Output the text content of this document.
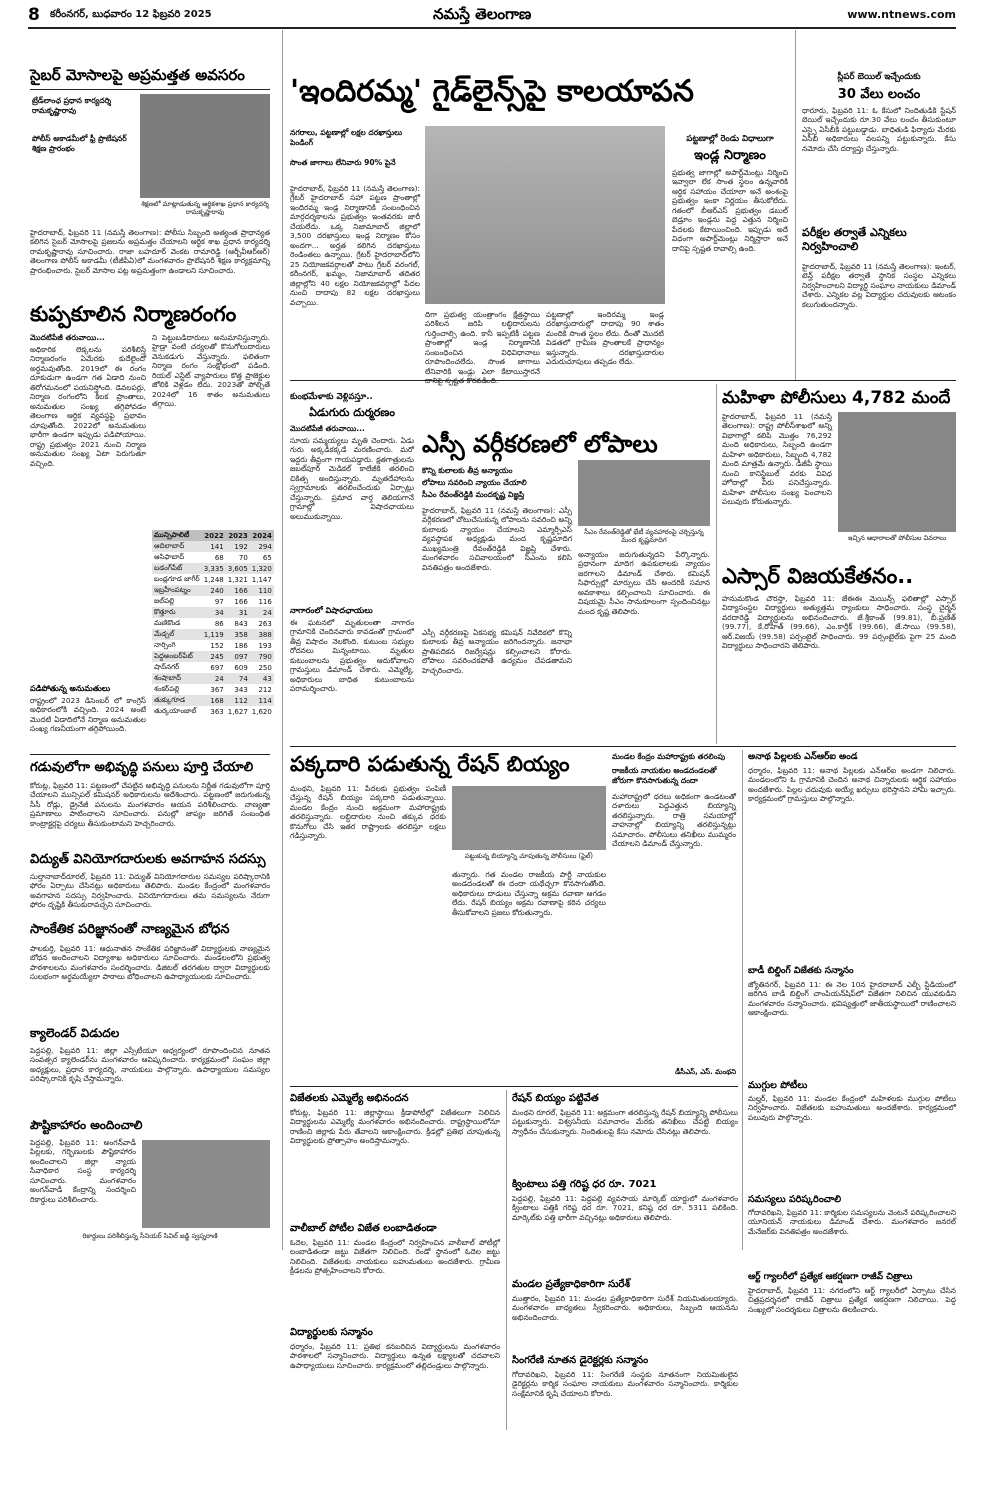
8 కరీంనగర్, బుధవారం 12 ఫిబ్రవరి 2025	నమస్తే తెలంగాణ	www.ntnews.com
సైబర్ మోసాలపై అప్రమత్తత అవసరం
ట్రేడ్‌లాంఛ ప్రధాన కార్యదర్శి రామకృష్ణారావు
పోలీస్ అకాడమీలో ఫ్రీ ప్రొబేషనర్ శిక్షణ ప్రారంభం
శిక్షణలో మాట్లాడుతున్న ఆర్థికశాఖ ప్రధాన కార్యదర్శి రామకృష్ణారావు
హైదరాబాద్, ఫిబ్రవరి 11 (నమస్తే తెలంగాణ): పోలీసు సిబ్బంది అత్యంత ప్రాధాన్యత కలిగిన సైబర్ మోసాలపై ప్రజలను అప్రమత్తం చేయాలని ఆర్థిక శాఖ ప్రధాన కార్యదర్శి రామకృష్ణారావు సూచించారు. రాజా బహదూర్ వెంకట రామారెడ్డి (ఆర్బీవీఆర్ఆర్) తెలంగాణ పోలీస్ అకాడమీ (టీజీపీఏ)లో మంగళవారం ప్రొబేషనరీ శిక్షణ కార్యక్రమాన్ని ప్రారంభించారు. సైబర్ మోసాల పట్ల అప్రమత్తంగా ఉండాలని సూచించారు.
కుప్పకూలిన నిర్మాణరంగం
మొదటిపేజీ తరువాయి...
అధికారిక లెక్కలను పరిశీలిస్తే నిర్మాణరంగం ఏమేరకు కుదేలైందో అర్థమవుతోంది. 2019లో ఈ రంగం దూకుడుగా ఉండగా గత ఏడాది నుంచి తిరోగమనంలో పయనిస్తోంది. డెవలపర్లు, నిర్మాణ రంగంలోని కీలక ప్రాంతాలు, అనుమతుల సంఖ్య తగ్గిపోవడం తెలంగాణ ఆర్థిక వ్యవస్థపై ప్రభావం చూపుతోంది. 2022లో అనుమతులు భారీగా ఉండగా ఇప్పుడు పడిపోయాయి. రాష్ట్ర ప్రభుత్వం 2021 నుంచి నిర్మాణ అనుమతుల సంఖ్య ఏటా పెరుగుతూ వచ్చింది.
ని పెట్టుబడిదారులు అనుమానిస్తున్నారు. హైడ్రా వంటి చర్యలతో కొనుగోలుదారులు వెనుకడుగు వేస్తున్నారు. ఫలితంగా నిర్మాణ రంగం సంక్షోభంలో పడింది. రియల్ ఎస్టేట్ వ్యాపారులు కొత్త ప్రాజెక్టుల జోలికి వెళ్లడం లేదు. 2023తో పోల్చితే 2024లో 16 శాతం అనుమతులు తగ్గాయి.
మున్సిపాలిటీ	2022	2023	2024
ఆదిలాబాద్	141	192	294
ఆసిఫాబాద్	68	70	65
బడంగ్‌పేట్	3,335	3,605	1,320
బండ్లగూడ జాగీర్	1,248	1,321	1,147
ఇబ్రహీంపట్నం	240	166	110
జల్‌పల్లి	97	166	116
కొత్తూరు	34	31	24
మణికొండ	86	843	263
మేడ్చల్	1,119	358	388
నార్సింగి	152	186	193
పెద్దఅంబర్‌పేట్	245	097	790
షాద్‌నగర్	697	609	250
శంషాబాద్	24	74	43
శంకర్‌పల్లి	367	343	212
తుక్కుగూడ	168	112	114
తుర్కయాంజాల్	363	1,627	1,620
పడిపోతున్న అనుమతులు
రాష్ట్రంలో 2023 డిసెంబర్ లో కాంగ్రెస్ అధికారంలోకి వచ్చింది. 2024 అంటే మొదటి ఏడాదిలోనే నిర్మాణ అనుమతుల సంఖ్య గణనీయంగా తగ్గిపోయింది.
గడువులోగా అభివృద్ధి పనులు పూర్తి చేయాలి
కోరుట్ల, ఫిబ్రవరి 11: పట్టణంలో చేపట్టిన అభివృద్ధి పనులను నిర్ణీత గడువులోగా పూర్తి చేయాలని మున్సిపల్ కమిషనర్ అధికారులను ఆదేశించారు. పట్టణంలో జరుగుతున్న సీసీ రోడ్లు, డ్రైనేజీ పనులను మంగళవారం ఆయన పరిశీలించారు. నాణ్యతా ప్రమాణాలు పాటించాలని సూచించారు. పనుల్లో జాప్యం జరిగితే సంబంధిత కాంట్రాక్టర్లపై చర్యలు తీసుకుంటామని హెచ్చరించారు.
విద్యుత్ వినియోగదారులకు అవగాహన సదస్సు
సుల్తానాబాద్‌రూరల్, ఫిబ్రవరి 11: విద్యుత్ వినియోగదారుల సమస్యల పరిష్కారానికి ఫోరం ఏర్పాటు చేసినట్లు అధికారులు తెలిపారు. మండల కేంద్రంలో మంగళవారం అవగాహన సదస్సు నిర్వహించారు. వినియోగదారులు తమ సమస్యలను నేరుగా ఫోరం దృష్టికి తీసుకురావచ్చని సూచించారు.
సాంకేతిక పరిజ్ఞానంతో నాణ్యమైన బోధన
పాలకుర్తి, ఫిబ్రవరి 11: ఆధునాతన సాంకేతిక పరిజ్ఞానంతో విద్యార్థులకు నాణ్యమైన బోధన అందించాలని విద్యాశాఖ అధికారులు సూచించారు. మండలంలోని ప్రభుత్వ పాఠశాలలను మంగళవారం సందర్శించారు. డిజిటల్ తరగతుల ద్వారా విద్యార్థులకు సులభంగా అర్థమయ్యేలా పాఠాలు బోధించాలని ఉపాధ్యాయులకు సూచించారు.
క్యాలెండర్ విడుదల
పెద్దపల్లి, ఫిబ్రవరి 11: జిల్లా ఎస్సీటీయూ ఆధ్వర్యంలో రూపొందించిన నూతన సంవత్సర క్యాలెండర్‌ను మంగళవారం ఆవిష్కరించారు. కార్యక్రమంలో సంఘం జిల్లా అధ్యక్షులు, ప్రధాన కార్యదర్శి, నాయకులు పాల్గొన్నారు. ఉపాధ్యాయుల సమస్యల పరిష్కారానికి కృషి చేస్తామన్నారు.
పౌష్టికాహారం అందించాలి
పెద్దపల్లి, ఫిబ్రవరి 11: అంగన్‌వాడీ పిల్లలకు, గర్భిణులకు పౌష్టికాహారం అందించాలని జిల్లా న్యాయ సేవాధికార సంస్థ కార్యదర్శి సూచించారు. మంగళవారం అంగన్‌వాడీ కేంద్రాన్ని సందర్శించి రికార్డులు పరిశీలించారు.
రికార్డులు పరిశీలిస్తున్న సీనియర్ సివిల్ జడ్జి స్వప్నరాణి
'ఇందిరమ్మ' గైడ్‌లైన్స్‌పై కాలయాపన
నగరాలు, పట్టణాల్లో లక్షల దరఖాస్తులు పెండింగ్
సొంత జాగాలు లేనివారు 90% పైనే
హైదరాబాద్, ఫిబ్రవరి 11 (నమస్తే తెలంగాణ): గ్రేటర్ హైదరాబాద్ సహా పట్టణ ప్రాంతాల్లో ఇందిరమ్మ ఇండ్ల నిర్మాణానికి సంబంధించిన మార్గదర్శకాలను ప్రభుత్వం ఇంతవరకు జారీ చేయలేదు. ఒక్క నిజామాబాద్ జిల్లాలో 3,500 దరఖాస్తులు ఇండ్ల నిర్మాణం కోసం అందగా... అర్హత కలిగిన దరఖాస్తులు రెండింతలు ఉన్నాయి. గ్రేటర్ హైదరాబాద్‌లోని 25 నియోజకవర్గాలతో పాటు గ్రేటర్ వరంగల్, కరీంనగర్, ఖమ్మం, నిజామాబాద్ తదితర జిల్లాల్లోని 40 లక్షల నియోజకవర్గాల్లో పేదల నుంచి దాదాపు 82 లక్షల దరఖాస్తులు వచ్చాయి.
దిగా ప్రభుత్వ యంత్రాంగం క్షేత్రస్థాయి పరిశీలన జరిపి లబ్ధిదారులను గుర్తించాల్సి ఉంది. కానీ ఇప్పటికీ పట్టణ ప్రాంతాల్లో ఇండ్ల నిర్మాణానికి సంబంధించిన విధివిధానాలు రూపొందించలేదు. సొంత జాగాలు లేనివారికి ఇండ్లు ఎలా కేటాయిస్తారనే
పట్టణాల్లో ఇందిరమ్మ ఇండ్ల దరఖాస్తుదారుల్లో దాదాపు 90 శాతం మందికి సొంత స్థలం లేదు. దీంతో మొదటి విడతలో గ్రామీణ ప్రాంతాలకే ప్రాధాన్యం ఇస్తున్నారు. దరఖాస్తుదారుల ఎదురుచూపులు తప్పడం లేదు.
పట్టణాల్లో రెండు విధాలుగా
ఇండ్ల నిర్మాణం
ప్రభుత్వ జాగాల్లో అపార్ట్‌మెంట్లు నిర్మించి ఇవ్వాలా లేక సొంత స్థలం ఉన్నవారికి ఆర్థిక సహాయం చేయాలా అనే అంశంపై ప్రభుత్వం ఇంకా నిర్ణయం తీసుకోలేదు. గతంలో బీఆర్ఎస్ ప్రభుత్వం డబుల్ బెడ్రూం ఇండ్లను పెద్ద ఎత్తున నిర్మించి పేదలకు కేటాయించింది. ఇప్పుడు అదే విధంగా అపార్ట్‌మెంట్లు నిర్మిస్తారా అనే దానిపై స్పష్టత రావాల్సి ఉంది.
స్లీపర్‌ బెయిల్ ఇచ్చేందుకు
30 వేలు లంచం
ధారూరు, ఫిబ్రవరి 11: ఓ కేసులో నిందితుడికి స్టేషన్ బెయిల్ ఇచ్చేందుకు రూ.30 వేలు లంచం తీసుకుంటూ ఎస్సై ఏసీబీకి పట్టుబడ్డాడు. బాధితుడి ఫిర్యాదు మేరకు ఏసీబీ అధికారులు వలపన్ని పట్టుకున్నారు. కేసు నమోదు చేసి దర్యాప్తు చేస్తున్నారు.
పరీక్షల తర్వాతే ఎన్నికలు నిర్వహించాలి
హైదరాబాద్, ఫిబ్రవరి 11 (నమస్తే తెలంగాణ): ఇంటర్, టెన్త్ పరీక్షల తర్వాతే స్థానిక సంస్థల ఎన్నికలు నిర్వహించాలని విద్యార్థి సంఘాల నాయకులు డిమాండ్ చేశారు. ఎన్నికల వల్ల విద్యార్థుల చదువులకు ఆటంకం కలుగుతుందన్నారు.
కుంభమేళాకు వెళ్లివస్తూ..
ఏడుగురు దుర్మరణం
మొదటిపేజీ తరువాయి...
సూయ సమ్మయ్యలు మృతి చెందారు. ఏడు గురు అక్కడికక్కడే మరణించారు. మరో ఇద్దరు తీవ్రంగా గాయపడ్డారు. క్షతగాత్రులను జబల్‌పూర్ మెడికల్ కాలేజీకి తరలించి చికిత్స అందిస్తున్నారు. మృతదేహాలను స్వగ్రామాలకు తరలించేందుకు ఏర్పాట్లు చేస్తున్నారు. ప్రమాద వార్త తెలియగానే గ్రామాల్లో విషాదఛాయలు అలుముకున్నాయి.
నాగారంలో విషాదఛాయలు
ఈ ఘటనలో మృతులంతా నాగారం గ్రామానికి చెందినవారు కావడంతో గ్రామంలో తీవ్ర విషాదం నెలకొంది. కుటుంబ సభ్యుల రోదనలు మిన్నంటాయి. మృతుల కుటుంబాలను ప్రభుత్వం ఆదుకోవాలని గ్రామస్తులు డిమాండ్ చేశారు. ఎమ్మెల్యే, అధికారులు బాధిత కుటుంబాలను పరామర్శించారు.
ఎస్సీ వర్గీకరణలో లోపాలు
కొన్ని కులాలకు తీవ్ర అన్యాయం
లోపాలు సవరించి న్యాయం చేయాలి
సీఎం రేవంత్‌రెడ్డికి మందకృష్ణ విజ్ఞప్తి
సీఎం రేవంత్‌రెడ్డితో భేటీ వ్యవహారంపై చర్చిస్తున్న మంద కృష్ణమాదిగ
హైదరాబాద్, ఫిబ్రవరి 11 (నమస్తే తెలంగాణ): ఎస్సీ వర్గీకరణలో చోటుచేసుకున్న లోపాలను సవరించి అన్ని కులాలకు న్యాయం చేయాలని ఎమ్మార్పీఎస్ వ్యవస్థాపక అధ్యక్షుడు మంద కృష్ణమాదిగ ముఖ్యమంత్రి రేవంత్‌రెడ్డికి విజ్ఞప్తి చేశారు. మంగళవారం సచివాలయంలో సీఎంను కలిసి వినతిపత్రం అందజేశారు.
ఎస్సీ వర్గీకరణపై ఏకసభ్య కమిషన్ నివేదికలో కొన్ని కులాలకు తీవ్ర అన్యాయం జరిగిందన్నారు. జనాభా ప్రాతిపదికన రిజర్వేషన్లు కల్పించాలని కోరారు. లోపాలు సవరించకపోతే ఉద్యమం చేపడతామని హెచ్చరించారు.
అన్యాయం జరుగుతున్నదని పేర్కొన్నారు. ప్రధానంగా మాదిగ ఉపకులాలకు న్యాయం జరగాలని డిమాండ్ చేశారు. కమిషన్ సిఫార్సుల్లో మార్పులు చేసి అందరికీ సమాన అవకాశాలు కల్పించాలని సూచించారు. ఈ విషయమై సీఎం సానుకూలంగా స్పందించినట్లు మంద కృష్ణ తెలిపారు.
మహిళా పోలీసులు 4,782 మందే
హైదరాబాద్, ఫిబ్రవరి 11 (నమస్తే తెలంగాణ): రాష్ట్ర పోలీస్‌శాఖలో అన్ని విభాగాల్లో కలిపి మొత్తం 76,292 మంది అధికారులు, సిబ్బంది ఉండగా మహిళా అధికారులు, సిబ్బంది 4,782 మంది మాత్రమే ఉన్నారు. డీజీపీ స్థాయి నుంచి కానిస్టేబుల్ వరకు వివిధ హోదాల్లో వీరు పనిచేస్తున్నారు. మహిళా పోలీసుల సంఖ్య పెంచాలని పలువురు కోరుతున్నారు.
ఇచ్చిన ఆధారాలతో పోలీసుల వివరాలు
ఎస్సార్ విజయకేతనం..
హనుమకొండ చౌరస్తా, ఫిబ్రవరి 11: జేఈఈ మెయిన్స్ ఫలితాల్లో ఎస్సార్ విద్యాసంస్థల విద్యార్థులు అత్యుత్తమ ర్యాంకులు సాధించారు. సంస్థ చైర్మన్ వరదారెడ్డి విద్యార్థులను అభినందించారు. జే.శ్రీకాంత్ (99.81), బీ.ప్రణీత్ (99.77), కే.రోహిత్ (99.66), ఎం.కార్తీక్ (99.66), జే.సాయి (99.58), ఆర్.విజయ్ (99.58) పర్సంటైల్ సాధించారు. 99 పర్సంటైల్‌కు పైగా 25 మంది విద్యార్థులు సాధించారని తెలిపారు.
పక్కదారి పడుతున్న రేషన్ బియ్యం	మండల కేంద్రం మహారాష్ట్రకు తరలింపు
రాజకీయ నాయకుల అండదండలతో జోరుగా కొనసాగుతున్న దందా
మంథని, ఫిబ్రవరి 11: పేదలకు ప్రభుత్వం పంపిణీ చేస్తున్న రేషన్ బియ్యం పక్కదారి పడుతున్నాయి. మండల కేంద్రం నుంచి అక్రమంగా మహారాష్ట్రకు తరలిస్తున్నారు. లబ్ధిదారుల నుంచి తక్కువ ధరకు కొనుగోలు చేసి ఇతర రాష్ట్రాలకు తరలిస్తూ లక్షలు గడిస్తున్నారు.
పట్టుకున్న బియ్యాన్ని చూపుతున్న పోలీసులు (ఫైల్)
తున్నారు. గత మండల రాజకీయ పార్టీ నాయకుల అండదండలతో ఈ దందా యథేచ్ఛగా కొనసాగుతోంది. అధికారులు దాడులు చేస్తున్నా అక్రమ రవాణా ఆగడం లేదు. రేషన్ బియ్యం అక్రమ రవాణాపై కఠిన చర్యలు తీసుకోవాలని ప్రజలు కోరుతున్నారు.
మహారాష్ట్రలో ధరలు అధికంగా ఉండటంతో దళారులు పెద్దఎత్తున బియ్యాన్ని తరలిస్తున్నారు. రాత్రి సమయాల్లో వాహనాల్లో బియ్యాన్ని తరలిస్తున్నట్లు సమాచారం. పోలీసులు తనిఖీలు ముమ్మరం చేయాలని డిమాండ్ చేస్తున్నారు.
డీసీఎస్, ఎస్. మంథని
అనాథ పిల్లలకు ఎన్‌ఆర్‌ఐ అండ
ధర్మారం, ఫిబ్రవరి 11: అనాథ పిల్లలకు ఎన్‌ఆర్‌ఐ అండగా నిలిచారు. మండలంలోని ఓ గ్రామానికి చెందిన అనాథ చిన్నారులకు ఆర్థిక సహాయం అందజేశారు. పిల్లల చదువుకు అయ్యే ఖర్చులు భరిస్తానని హామీ ఇచ్చారు. కార్యక్రమంలో గ్రామస్తులు పాల్గొన్నారు.
బాడీ బిల్డింగ్ విజేతకు సన్మానం
జ్యోతినగర్, ఫిబ్రవరి 11: ఈ నెల 10న హైదరాబాద్ ఎల్బీ స్టేడియంలో జరిగిన బాడీ బిల్డింగ్ చాంపియన్‌షిప్‌లో విజేతగా నిలిచిన యువకుడిని మంగళవారం సన్మానించారు. భవిష్యత్తులో జాతీయస్థాయిలో రాణించాలని ఆకాంక్షించారు.
ముగ్గుల పోటీలు
మల్హర్, ఫిబ్రవరి 11: మండల కేంద్రంలో మహిళలకు ముగ్గుల పోటీలు నిర్వహించారు. విజేతలకు బహుమతులు అందజేశారు. కార్యక్రమంలో పలువురు పాల్గొన్నారు.
సమస్యలు పరిష్కరించాలి
గోదావరిఖని, ఫిబ్రవరి 11: కార్మికుల సమస్యలను వెంటనే పరిష్కరించాలని యూనియన్ నాయకులు డిమాండ్ చేశారు. మంగళవారం జనరల్ మేనేజర్‌కు వినతిపత్రం అందజేశారు.
ఆర్ట్ గ్యాలరీలో ప్రత్యేక ఆకర్షణగా రాజీవ్ చిత్రాలు
హైదరాబాద్, ఫిబ్రవరి 11: నగరంలోని ఆర్ట్ గ్యాలరీలో ఏర్పాటు చేసిన చిత్రప్రదర్శనలో రాజీవ్ చిత్రాలు ప్రత్యేక ఆకర్షణగా నిలిచాయి. పెద్ద సంఖ్యలో సందర్శకులు చిత్రాలను తిలకించారు.
విజేతలకు ఎమ్మెల్యే అభినందన
కోరుట్ల, ఫిబ్రవరి 11: జిల్లాస్థాయి క్రీడాపోటీల్లో విజేతలుగా నిలిచిన విద్యార్థులను ఎమ్మెల్యే మంగళవారం అభినందించారు. రాష్ట్రస్థాయిలోనూ రాణించి జిల్లాకు పేరు తేవాలని ఆకాంక్షించారు. క్రీడల్లో ప్రతిభ చూపుతున్న విద్యార్థులకు ప్రోత్సాహం అందిస్తామన్నారు.
వాలీబాల్ పోటీల విజేత లంబాడితండా
ఓదెల, ఫిబ్రవరి 11: మండల కేంద్రంలో నిర్వహించిన వాలీబాల్ పోటీల్లో లంబాడితండా జట్టు విజేతగా నిలిచింది. రెండో స్థానంలో ఓదెల జట్టు నిలిచింది. విజేతలకు నాయకులు బహుమతులు అందజేశారు. గ్రామీణ క్రీడలను ప్రోత్సహించాలని కోరారు.
విద్యార్థులకు సన్మానం
ధర్మారం, ఫిబ్రవరి 11: ప్రతిభ కనబరిచిన విద్యార్థులను మంగళవారం పాఠశాలలో సన్మానించారు. విద్యార్థులు ఉన్నత లక్ష్యాలతో చదవాలని ఉపాధ్యాయులు సూచించారు. కార్యక్రమంలో తల్లిదండ్రులు పాల్గొన్నారు.
రేషన్ బియ్యం పట్టివేత
మంథని రూరల్, ఫిబ్రవరి 11: అక్రమంగా తరలిస్తున్న రేషన్ బియ్యాన్ని పోలీసులు పట్టుకున్నారు. విశ్వసనీయ సమాచారం మేరకు తనిఖీలు చేపట్టి బియ్యం స్వాధీనం చేసుకున్నారు. నిందితులపై కేసు నమోదు చేసినట్లు తెలిపారు.
క్వింటాలు పత్తి గరిష్ట ధర రూ. 7021
పెద్దపల్లి, ఫిబ్రవరి 11: పెద్దపల్లి వ్యవసాయ మార్కెట్ యార్డులో మంగళవారం క్వింటాలు పత్తికి గరిష్ట ధర రూ. 7021, కనిష్ఠ ధర రూ. 5311 పలికింది. మార్కెట్‌కు పత్తి భారీగా వచ్చినట్లు అధికారులు తెలిపారు.
మండల ప్రత్యేకాధికారిగా సురేశ్
ముత్తారం, ఫిబ్రవరి 11: మండల ప్రత్యేకాధికారిగా సురేశ్ నియమితులయ్యారు. మంగళవారం బాధ్యతలు స్వీకరించారు. అధికారులు, సిబ్బంది ఆయనను అభినందించారు.
సింగరేణి నూతన డైరెక్టర్లకు సన్మానం
గోదావరిఖని, ఫిబ్రవరి 11: సింగరేణి సంస్థకు నూతనంగా నియమితులైన డైరెక్టర్లను కార్మిక సంఘాల నాయకులు మంగళవారం సన్మానించారు. కార్మికుల సంక్షేమానికి కృషి చేయాలని కోరారు.
